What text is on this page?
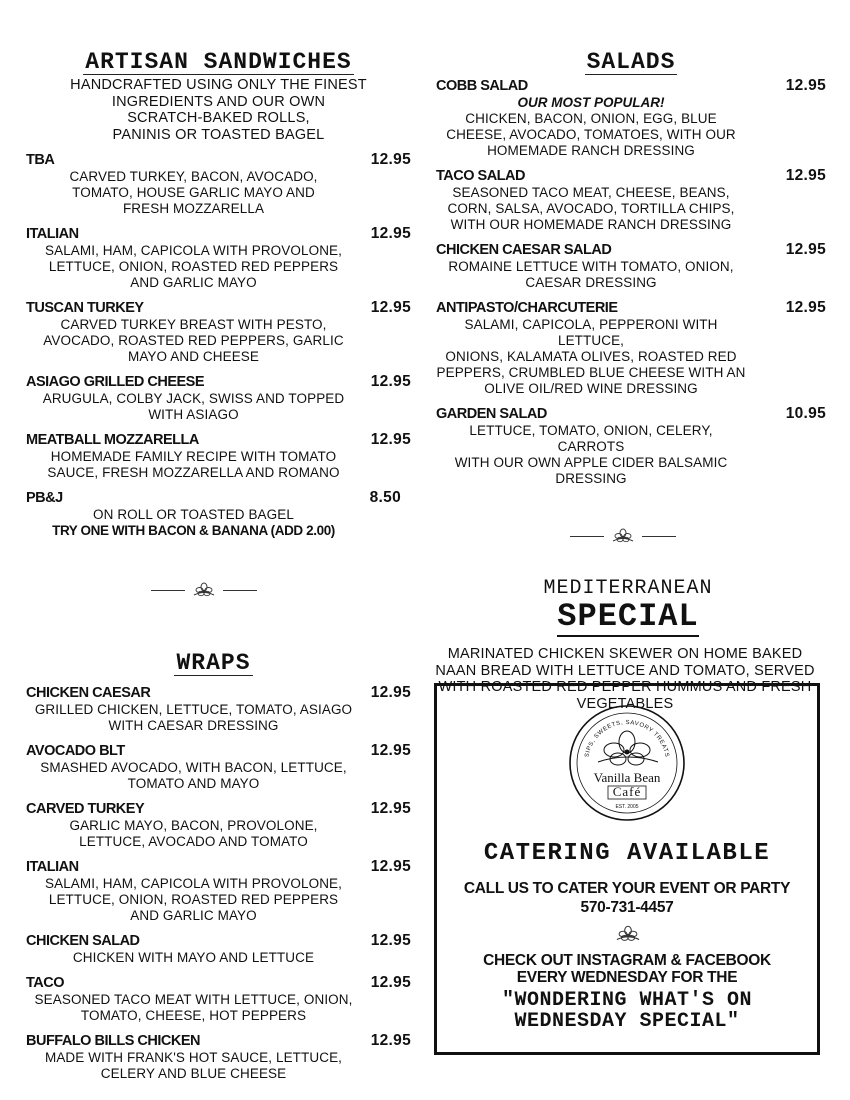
ARTISAN SANDWICHES
HANDCRAFTED USING ONLY THE FINEST
INGREDIENTS AND OUR OWN
SCRATCH-BAKED ROLLS,
PANINIS OR TOASTED BAGEL
TBA	12.95
CARVED TURKEY, BACON, AVOCADO,
TOMATO, HOUSE GARLIC MAYO AND
FRESH MOZZARELLA
ITALIAN	12.95
SALAMI, HAM, CAPICOLA WITH PROVOLONE,
LETTUCE, ONION, ROASTED RED PEPPERS
AND GARLIC MAYO
TUSCAN TURKEY	12.95
CARVED TURKEY BREAST WITH PESTO,
AVOCADO, ROASTED RED PEPPERS, GARLIC
MAYO AND CHEESE
ASIAGO GRILLED CHEESE	12.95
ARUGULA, COLBY JACK, SWISS AND TOPPED
WITH ASIAGO
MEATBALL MOZZARELLA	12.95
HOMEMADE FAMILY RECIPE WITH TOMATO
SAUCE, FRESH MOZZARELLA AND ROMANO
PB&J	8.50
ON ROLL OR TOASTED BAGEL
TRY ONE WITH BACON & BANANA (ADD 2.00)
WRAPS
CHICKEN CAESAR	12.95
GRILLED CHICKEN, LETTUCE, TOMATO, ASIAGO
WITH CAESAR DRESSING
AVOCADO BLT	12.95
SMASHED AVOCADO, WITH BACON, LETTUCE,
TOMATO AND MAYO
CARVED TURKEY	12.95
GARLIC MAYO, BACON, PROVOLONE,
LETTUCE, AVOCADO AND TOMATO
ITALIAN	12.95
SALAMI, HAM, CAPICOLA WITH PROVOLONE,
LETTUCE, ONION, ROASTED RED PEPPERS
AND GARLIC MAYO
CHICKEN SALAD	12.95
CHICKEN WITH MAYO AND LETTUCE
TACO	12.95
SEASONED TACO MEAT WITH LETTUCE, ONION,
TOMATO, CHEESE, HOT PEPPERS
BUFFALO BILLS CHICKEN	12.95
MADE WITH FRANK'S HOT SAUCE, LETTUCE,
CELERY AND BLUE CHEESE
SALADS
COBB SALAD	12.95
OUR MOST POPULAR!
CHICKEN, BACON, ONION, EGG, BLUE
CHEESE, AVOCADO, TOMATOES, WITH OUR
HOMEMADE RANCH DRESSING
TACO SALAD	12.95
SEASONED TACO MEAT, CHEESE, BEANS,
CORN, SALSA, AVOCADO, TORTILLA CHIPS,
WITH OUR HOMEMADE RANCH DRESSING
CHICKEN CAESAR SALAD	12.95
ROMAINE LETTUCE WITH TOMATO, ONION,
CAESAR DRESSING
ANTIPASTO/CHARCUTERIE	12.95
SALAMI, CAPICOLA, PEPPERONI WITH LETTUCE,
ONIONS, KALAMATA OLIVES, ROASTED RED
PEPPERS, CRUMBLED BLUE CHEESE WITH AN
OLIVE OIL/RED WINE DRESSING
GARDEN SALAD	10.95
LETTUCE, TOMATO, ONION, CELERY, CARROTS
WITH OUR OWN APPLE CIDER BALSAMIC
DRESSING
MEDITERRANEAN
SPECIAL
MARINATED CHICKEN SKEWER ON HOME BAKED
NAAN BREAD WITH LETTUCE AND TOMATO, SERVED
WITH ROASTED RED PEPPER HUMMUS AND FRESH
VEGETABLES
SIPS, SWEETS, SAVORY TREATS
Vanilla Bean
Café
EST. 2005
CATERING AVAILABLE
CALL US TO CATER YOUR EVENT OR PARTY
570-731-4457
CHECK OUT INSTAGRAM & FACEBOOK
EVERY WEDNESDAY FOR THE
"WONDERING WHAT'S ON
WEDNESDAY SPECIAL"
